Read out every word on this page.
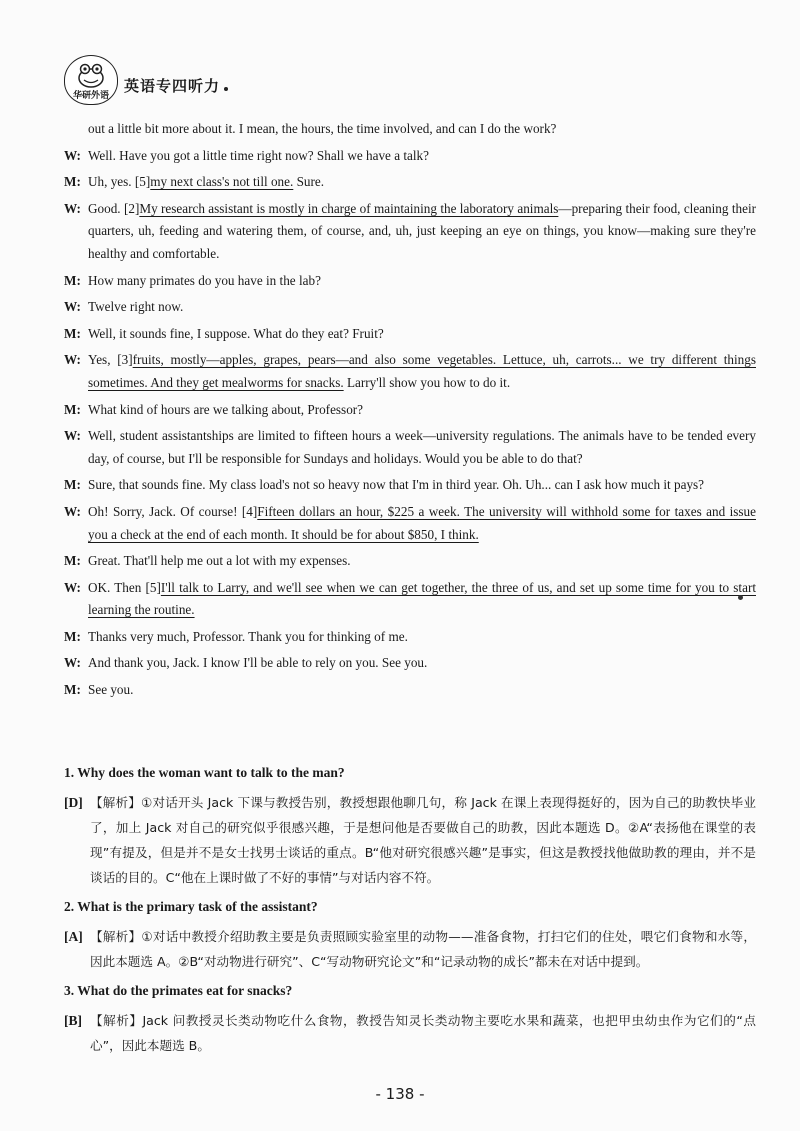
华研外语
英语专四听力
out a little bit more about it. I mean, the hours, the time involved, and can I do the work?
W: Well. Have you got a little time right now? Shall we have a talk?
M: Uh, yes. [5]my next class's not till one. Sure.
W: Good. [2]My research assistant is mostly in charge of maintaining the laboratory animals—preparing their food, cleaning their quarters, uh, feeding and watering them, of course, and, uh, just keeping an eye on things, you know—making sure they're healthy and comfortable.
M: How many primates do you have in the lab?
W: Twelve right now.
M: Well, it sounds fine, I suppose. What do they eat? Fruit?
W: Yes, [3]fruits, mostly—apples, grapes, pears—and also some vegetables. Lettuce, uh, carrots... we try different things sometimes. And they get mealworms for snacks. Larry'll show you how to do it.
M: What kind of hours are we talking about, Professor?
W: Well, student assistantships are limited to fifteen hours a week—university regulations. The animals have to be tended every day, of course, but I'll be responsible for Sundays and holidays. Would you be able to do that?
M: Sure, that sounds fine. My class load's not so heavy now that I'm in third year. Oh. Uh... can I ask how much it pays?
W: Oh! Sorry, Jack. Of course! [4]Fifteen dollars an hour, $225 a week. The university will withhold some for taxes and issue you a check at the end of each month. It should be for about $850, I think.
M: Great. That'll help me out a lot with my expenses.
W: OK. Then [5]I'll talk to Larry, and we'll see when we can get together, the three of us, and set up some time for you to start learning the routine.
M: Thanks very much, Professor. Thank you for thinking of me.
W: And thank you, Jack. I know I'll be able to rely on you. See you.
M: See you.
1. Why does the woman want to talk to the man?
[D] 【解析】①对话开头 Jack 下课与教授告别，教授想跟他聊几句，称 Jack 在课上表现得挺好的，因为自己的助教快毕业了，加上 Jack 对自己的研究似乎很感兴趣，于是想问他是否要做自己的助教，因此本题选 D。②A“表扬他在课堂的表现”有提及，但是并不是女士找男士谈话的重点。B“他对研究很感兴趣”是事实，但这是教授找他做助教的理由，并不是谈话的目的。C“他在上课时做了不好的事情”与对话内容不符。
2. What is the primary task of the assistant?
[A] 【解析】①对话中教授介绍助教主要是负责照顾实验室里的动物——准备食物，打扫它们的住处，喂它们食物和水等，因此本题选 A。②B“对动物进行研究”、C“写动物研究论文”和“记录动物的成长”都未在对话中提到。
3. What do the primates eat for snacks?
[B] 【解析】Jack 问教授灵长类动物吃什么食物，教授告知灵长类动物主要吃水果和蔬菜，也把甲虫幼虫作为它们的“点心”，因此本题选 B。
- 138 -
